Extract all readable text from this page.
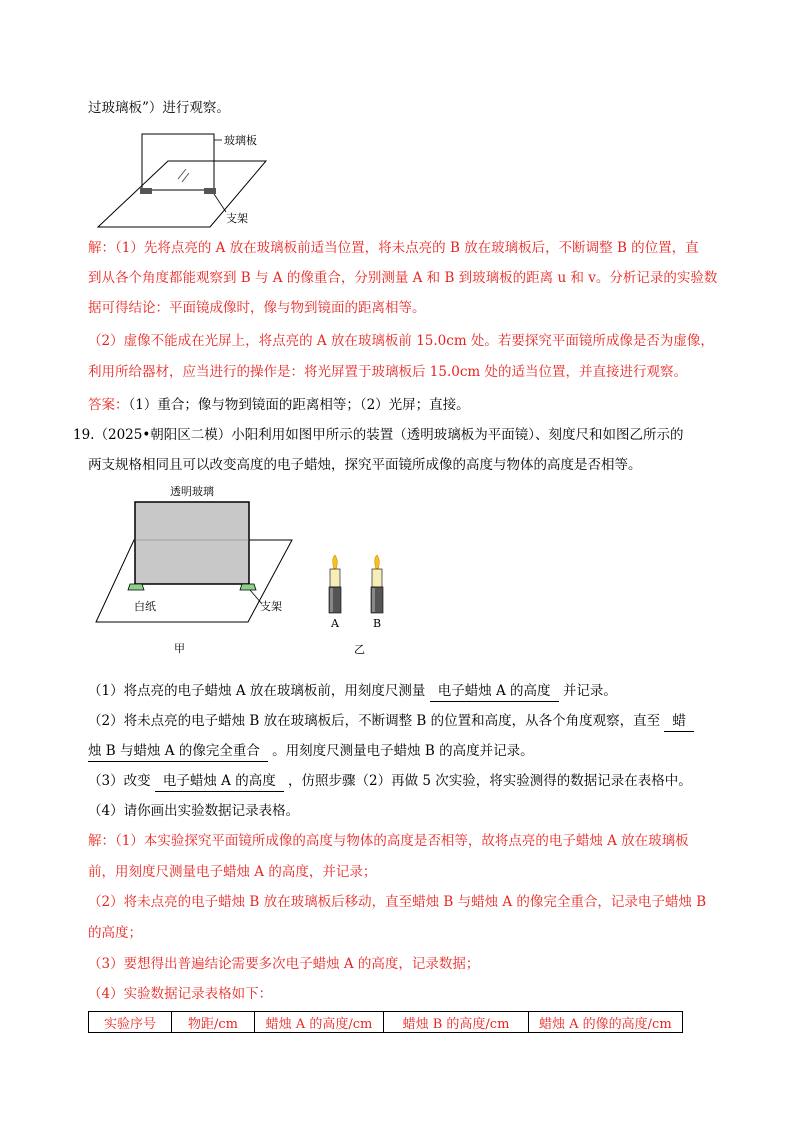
过玻璃板”）进行观察。
玻璃板
支架
解：（1）先将点亮的 A 放在玻璃板前适当位置，将未点亮的 B 放在玻璃板后，不断调整 B 的位置，直
到从各个角度都能观察到 B 与 A 的像重合，分别测量 A 和 B 到玻璃板的距离 u 和 v。分析记录的实验数
据可得结论：平面镜成像时，像与物到镜面的距离相等。
（2）虚像不能成在光屏上，将点亮的 A 放在玻璃板前 15.0cm 处。若要探究平面镜所成像是否为虚像，
利用所给器材，应当进行的操作是：将光屏置于玻璃板后 15.0cm 处的适当位置，并直接进行观察。
答案：（1）重合；像与物到镜面的距离相等；（2）光屏；直接。
19.（2025•朝阳区二模）小阳利用如图甲所示的装置（透明玻璃板为平面镜）、刻度尺和如图乙所示的
两支规格相同且可以改变高度的电子蜡烛，探究平面镜所成像的高度与物体的高度是否相等。
透明玻璃
白纸	支架
甲
A	B
乙
（1）将点亮的电子蜡烛 A 放在玻璃板前，用刻度尺测量 电子蜡烛 A 的高度 并记录。
（2）将未点亮的电子蜡烛 B 放在玻璃板后，不断调整 B 的位置和高度，从各个角度观察，直至 蜡
烛 B 与蜡烛 A 的像完全重合 。用刻度尺测量电子蜡烛 B 的高度并记录。
（3）改变 电子蜡烛 A 的高度 ，仿照步骤（2）再做 5 次实验，将实验测得的数据记录在表格中。
（4）请你画出实验数据记录表格。
解：（1）本实验探究平面镜所成像的高度与物体的高度是否相等，故将点亮的电子蜡烛 A 放在玻璃板
前，用刻度尺测量电子蜡烛 A 的高度，并记录；
（2）将未点亮的电子蜡烛 B 放在玻璃板后移动，直至蜡烛 B 与蜡烛 A 的像完全重合，记录电子蜡烛 B
的高度；
（3）要想得出普遍结论需要多次电子蜡烛 A 的高度，记录数据；
（4）实验数据记录表格如下：
实验序号	物距/cm	蜡烛 A 的高度/cm	蜡烛 B 的高度/cm	蜡烛 A 的像的高度/cm
